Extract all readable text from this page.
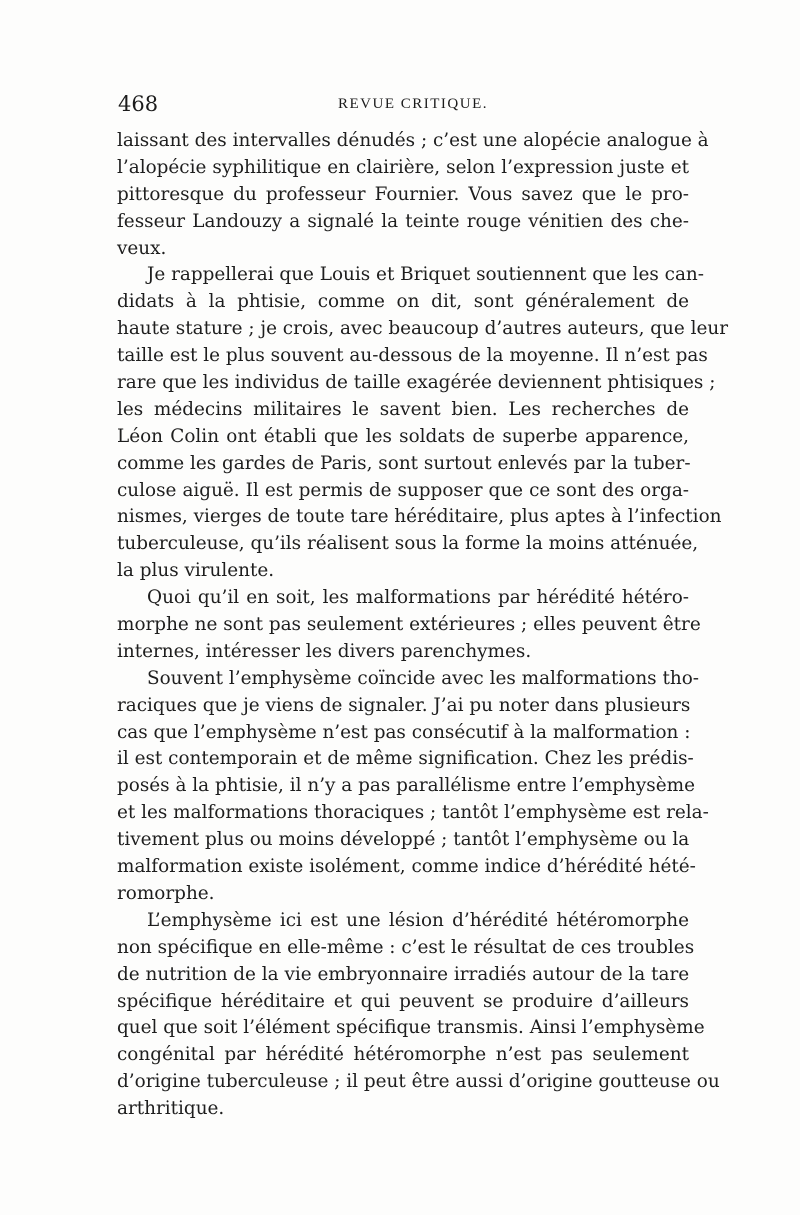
468	REVUE CRITIQUE.

laissant des intervalles dénudés ; c’est une alopécie analogue à
l’alopécie syphilitique en clairière, selon l’expression juste et
pittoresque du professeur Fournier. Vous savez que le pro-
fesseur Landouzy a signalé la teinte rouge vénitien des che-
veux.

Je rappellerai que Louis et Briquet soutiennent que les can-
didats à la phtisie, comme on dit, sont généralement de
haute stature ; je crois, avec beaucoup d’autres auteurs, que leur
taille est le plus souvent au-dessous de la moyenne. Il n’est pas
rare que les individus de taille exagérée deviennent phtisiques ;
les médecins militaires le savent bien. Les recherches de
Léon Colin ont établi que les soldats de superbe apparence,
comme les gardes de Paris, sont surtout enlevés par la tuber-
culose aiguë. Il est permis de supposer que ce sont des orga-
nismes, vierges de toute tare héréditaire, plus aptes à l’infection
tuberculeuse, qu’ils réalisent sous la forme la moins atténuée,
la plus virulente.

Quoi qu’il en soit, les malformations par hérédité hétéro-
morphe ne sont pas seulement extérieures ; elles peuvent être
internes, intéresser les divers parenchymes.

Souvent l’emphysème coïncide avec les malformations tho-
raciques que je viens de signaler. J’ai pu noter dans plusieurs
cas que l’emphysème n’est pas consécutif à la malformation :
il est contemporain et de même signification. Chez les prédis-
posés à la phtisie, il n’y a pas parallélisme entre l’emphysème
et les malformations thoraciques ; tantôt l’emphysème est rela-
tivement plus ou moins développé ; tantôt l’emphysème ou la
malformation existe isolément, comme indice d’hérédité hété-
romorphe.

L’emphysème ici est une lésion d’hérédité hétéromorphe
non spécifique en elle-même : c’est le résultat de ces troubles
de nutrition de la vie embryonnaire irradiés autour de la tare
spécifique héréditaire et qui peuvent se produire d’ailleurs
quel que soit l’élément spécifique transmis. Ainsi l’emphysème
congénital par hérédité hétéromorphe n’est pas seulement
d’origine tuberculeuse ; il peut être aussi d’origine goutteuse ou
arthritique.
